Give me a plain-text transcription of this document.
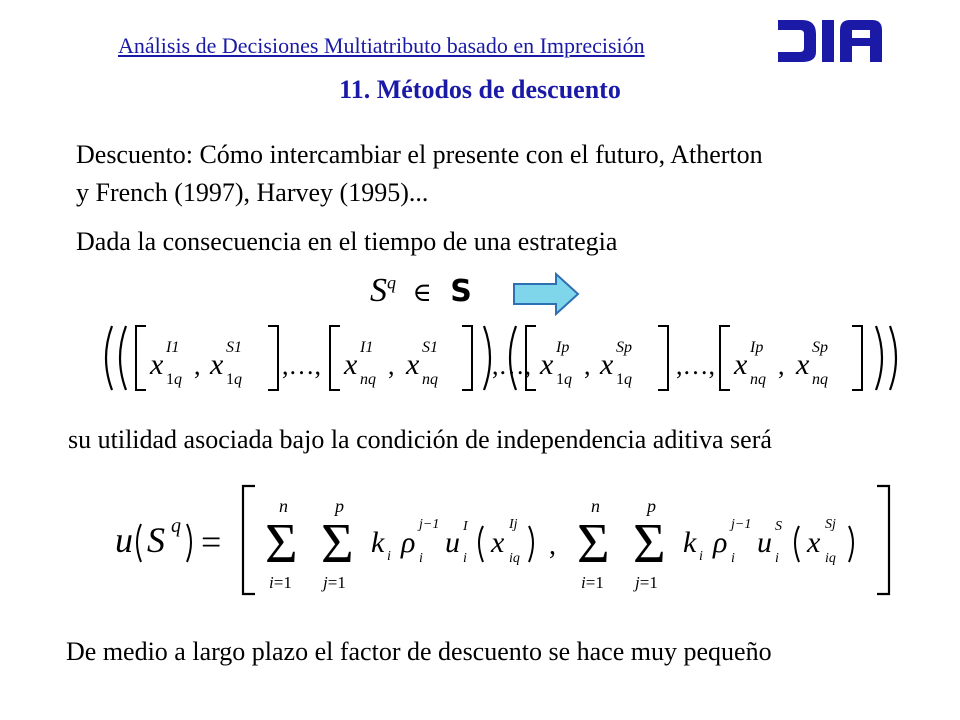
Análisis de Decisiones Multiatributo basado en Imprecisión
11. Métodos de descuento
Descuento: Cómo intercambiar el presente con el futuro, Atherton
y French (1997), Harvey (1995)...
Dada la consecuencia en el tiempo de una estrategia
$S^q$ ∈ S
x x	x x	x x	x x
I1	S1	I1	S1	Ip	Sp	Ip	Sp
1q	1q	nq	nq	1q	1q	nq	nq
,	,	,	,
,…,	,…,
,…,
su utilidad asociada bajo la condición de independencia aditiva será
u S q = Σ Σ
n	p
i=1 j=1
k ρ u x
i i
j−1
i
I
iq
Ij
, Σ Σ
n	p
i=1 j=1
k ρ u x
i i
j−1
i
S
iq
Sj
De medio a largo plazo el factor de descuento se hace muy pequeño
